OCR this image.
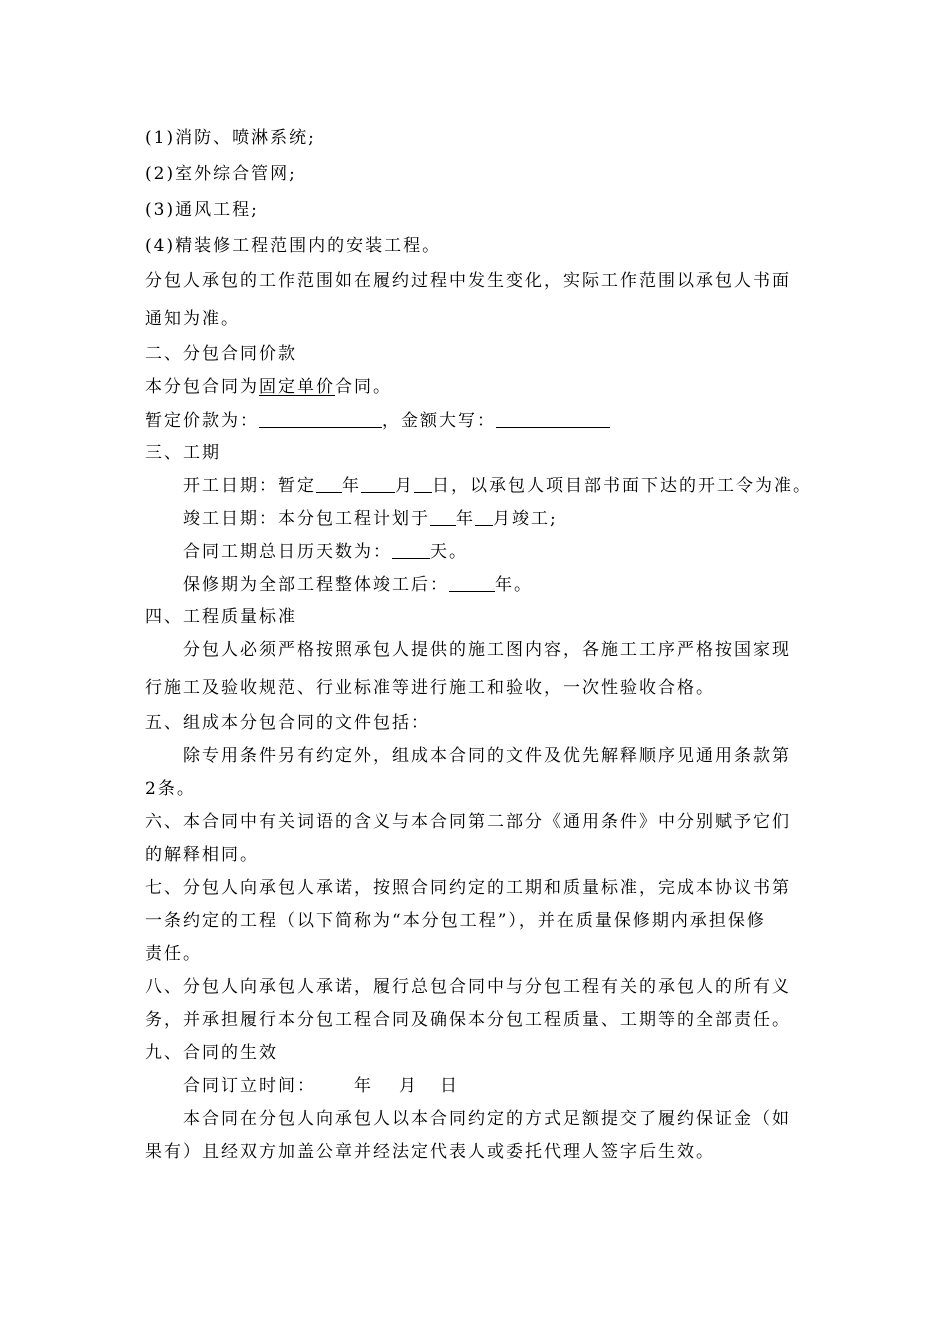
(1)消防、喷淋系统;
(2)室外综合管网;
(3)通风工程;
(4)精装修工程范围内的安装工程。
分包人承包的工作范围如在履约过程中发生变化，实际工作范围以承包人书面
通知为准。
二、分包合同价款
本分包合同为固定单价合同。
暂定价款为：	，金额大写：
三、工期
开工日期：暂定 年 月 日，以承包人项目部书面下达的开工令为准。
竣工日期：本分包工程计划于 年 月竣工;
合同工期总日历天数为： 天。
保修期为全部工程整体竣工后：	年。
四、工程质量标准
分包人必须严格按照承包人提供的施工图内容，各施工工序严格按国家现
行施工及验收规范、行业标准等进行施工和验收，一次性验收合格。
五、组成本分包合同的文件包括：
除专用条件另有约定外，组成本合同的文件及优先解释顺序见通用条款第
2条。
六、本合同中有关词语的含义与本合同第二部分《通用条件》中分别赋予它们
的解释相同。
七、分包人向承包人承诺，按照合同约定的工期和质量标准，完成本协议书第
一条约定的工程（以下简称为“本分包工程”），并在质量保修期内承担保修
责任。
八、分包人向承包人承诺，履行总包合同中与分包工程有关的承包人的所有义
务，并承担履行本分包工程合同及确保本分包工程质量、工期等的全部责任。
九、合同的生效
合同订立时间： 年 月 日
本合同在分包人向承包人以本合同约定的方式足额提交了履约保证金（如
果有）且经双方加盖公章并经法定代表人或委托代理人签字后生效。
